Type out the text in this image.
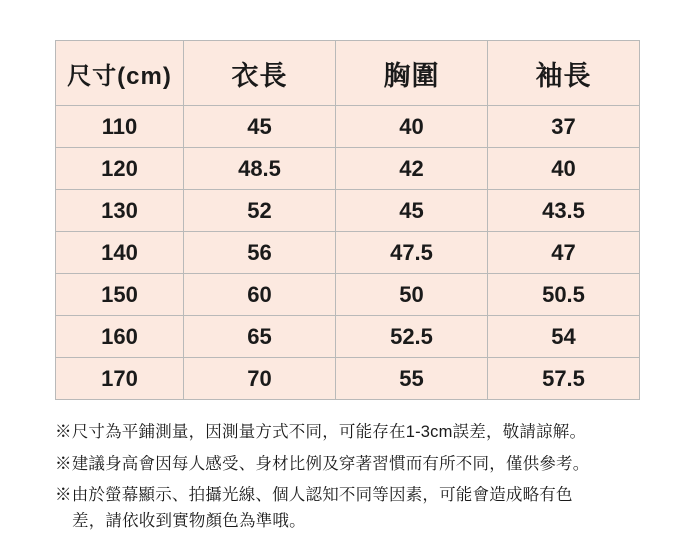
尺寸(cm)	衣長	胸圍	袖長
110	45	40	37
120	48.5	42	40
130	52	45	43.5
140	56	47.5	47
150	60	50	50.5
160	65	52.5	54
170	70	55	57.5
※尺寸為平鋪測量，因測量方式不同，可能存在1-3cm誤差，敬請諒解。
※建議身高會因每人感受、身材比例及穿著習慣而有所不同，僅供參考。
※由於螢幕顯示、拍攝光線、個人認知不同等因素，可能會造成略有色
差，請依收到實物顏色為準哦。
